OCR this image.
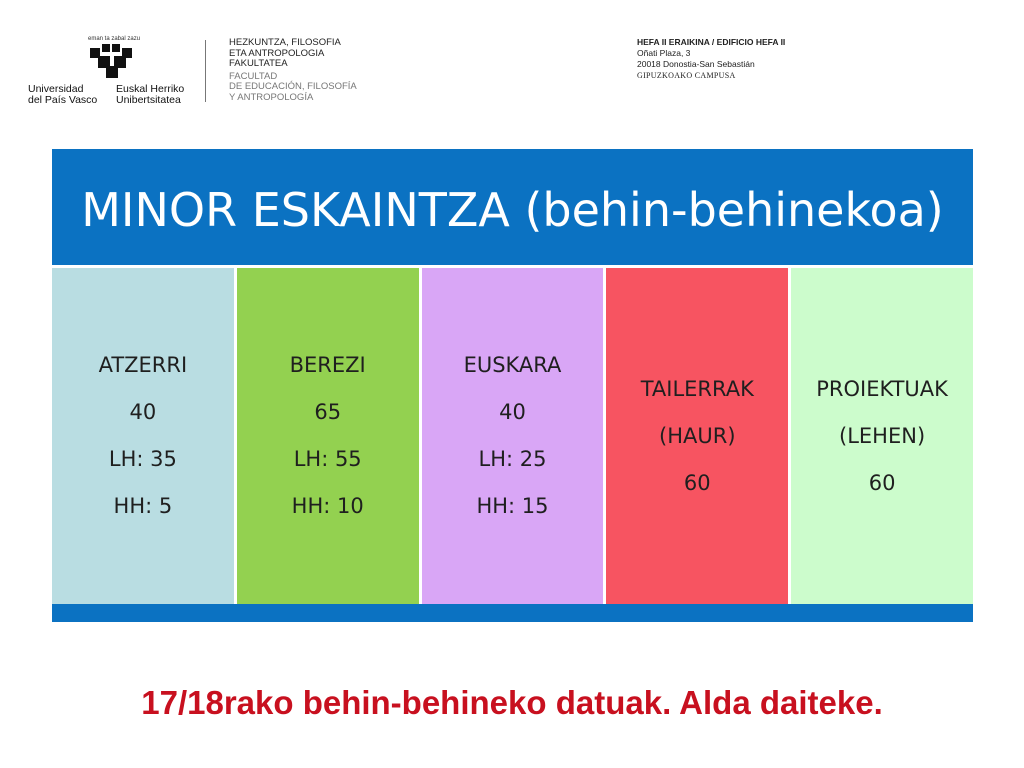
eman ta zabal zazu
Universidad
del País Vasco
Euskal Herriko
Unibertsitatea
HEZKUNTZA, FILOSOFIA
ETA ANTROPOLOGIA
FAKULTATEA
FACULTAD
DE EDUCACIÓN, FILOSOFÍA
Y ANTROPOLOGÍA
HEFA II ERAIKINA / EDIFICIO HEFA II
Oñati Plaza, 3
20018 Donostia-San Sebastián
GIPUZKOAKO CAMPUSA
MINOR ESKAINTZA (behin-behinekoa)
ATZERRI
40
LH: 35
HH: 5
BEREZI
65
LH: 55
HH: 10
EUSKARA
40
LH: 25
HH: 15
TAILERRAK
(HAUR)
60
PROIEKTUAK
(LEHEN)
60
17/18rako behin-behineko datuak. Alda daiteke.
